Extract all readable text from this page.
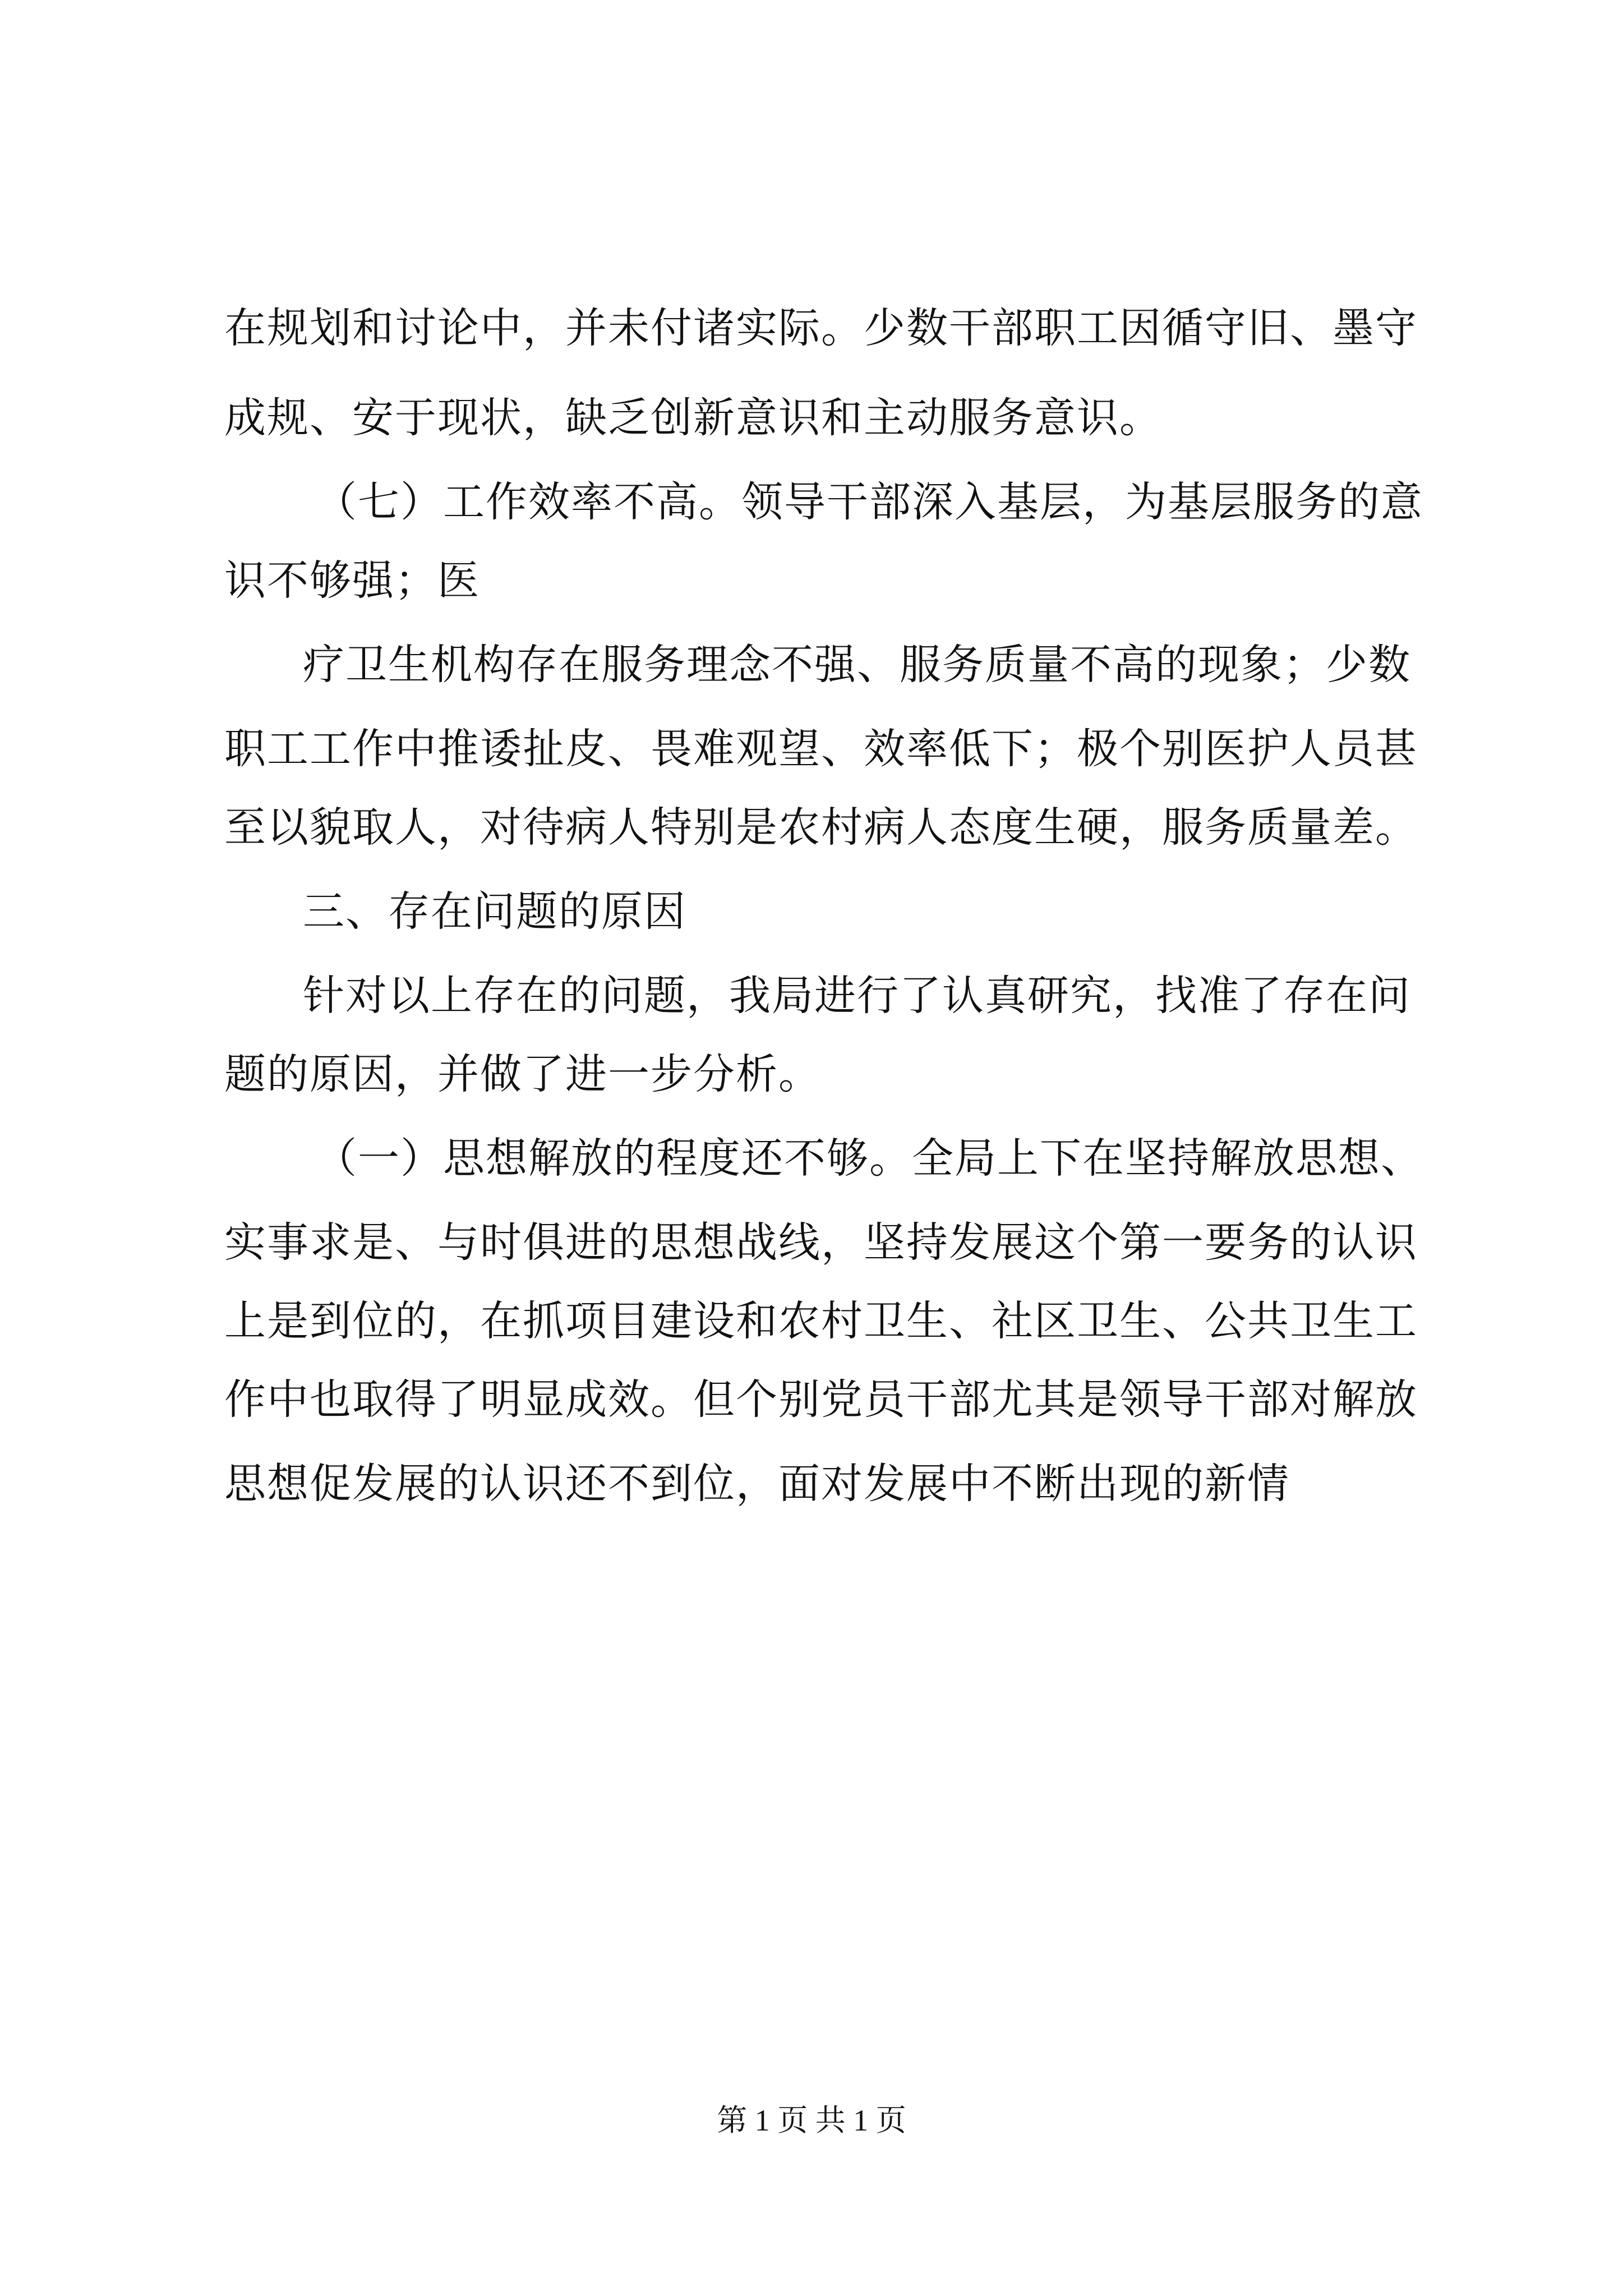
在规划和讨论中，并未付诸实际。少数干部职工因循守旧、墨守
成规、安于现状，缺乏创新意识和主动服务意识。
（七）工作效率不高。领导干部深入基层，为基层服务的意
识不够强；医
疗卫生机构存在服务理念不强、服务质量不高的现象；少数
职工工作中推诿扯皮、畏难观望、效率低下；极个别医护人员甚
至以貌取人，对待病人特别是农村病人态度生硬，服务质量差。
三、存在问题的原因
针对以上存在的问题，我局进行了认真研究，找准了存在问
题的原因，并做了进一步分析。
（一）思想解放的程度还不够。全局上下在坚持解放思想、
实事求是、与时俱进的思想战线，坚持发展这个第一要务的认识
上是到位的，在抓项目建设和农村卫生、社区卫生、公共卫生工
作中也取得了明显成效。但个别党员干部尤其是领导干部对解放
思想促发展的认识还不到位，面对发展中不断出现的新情
第 1 页 共 1 页
